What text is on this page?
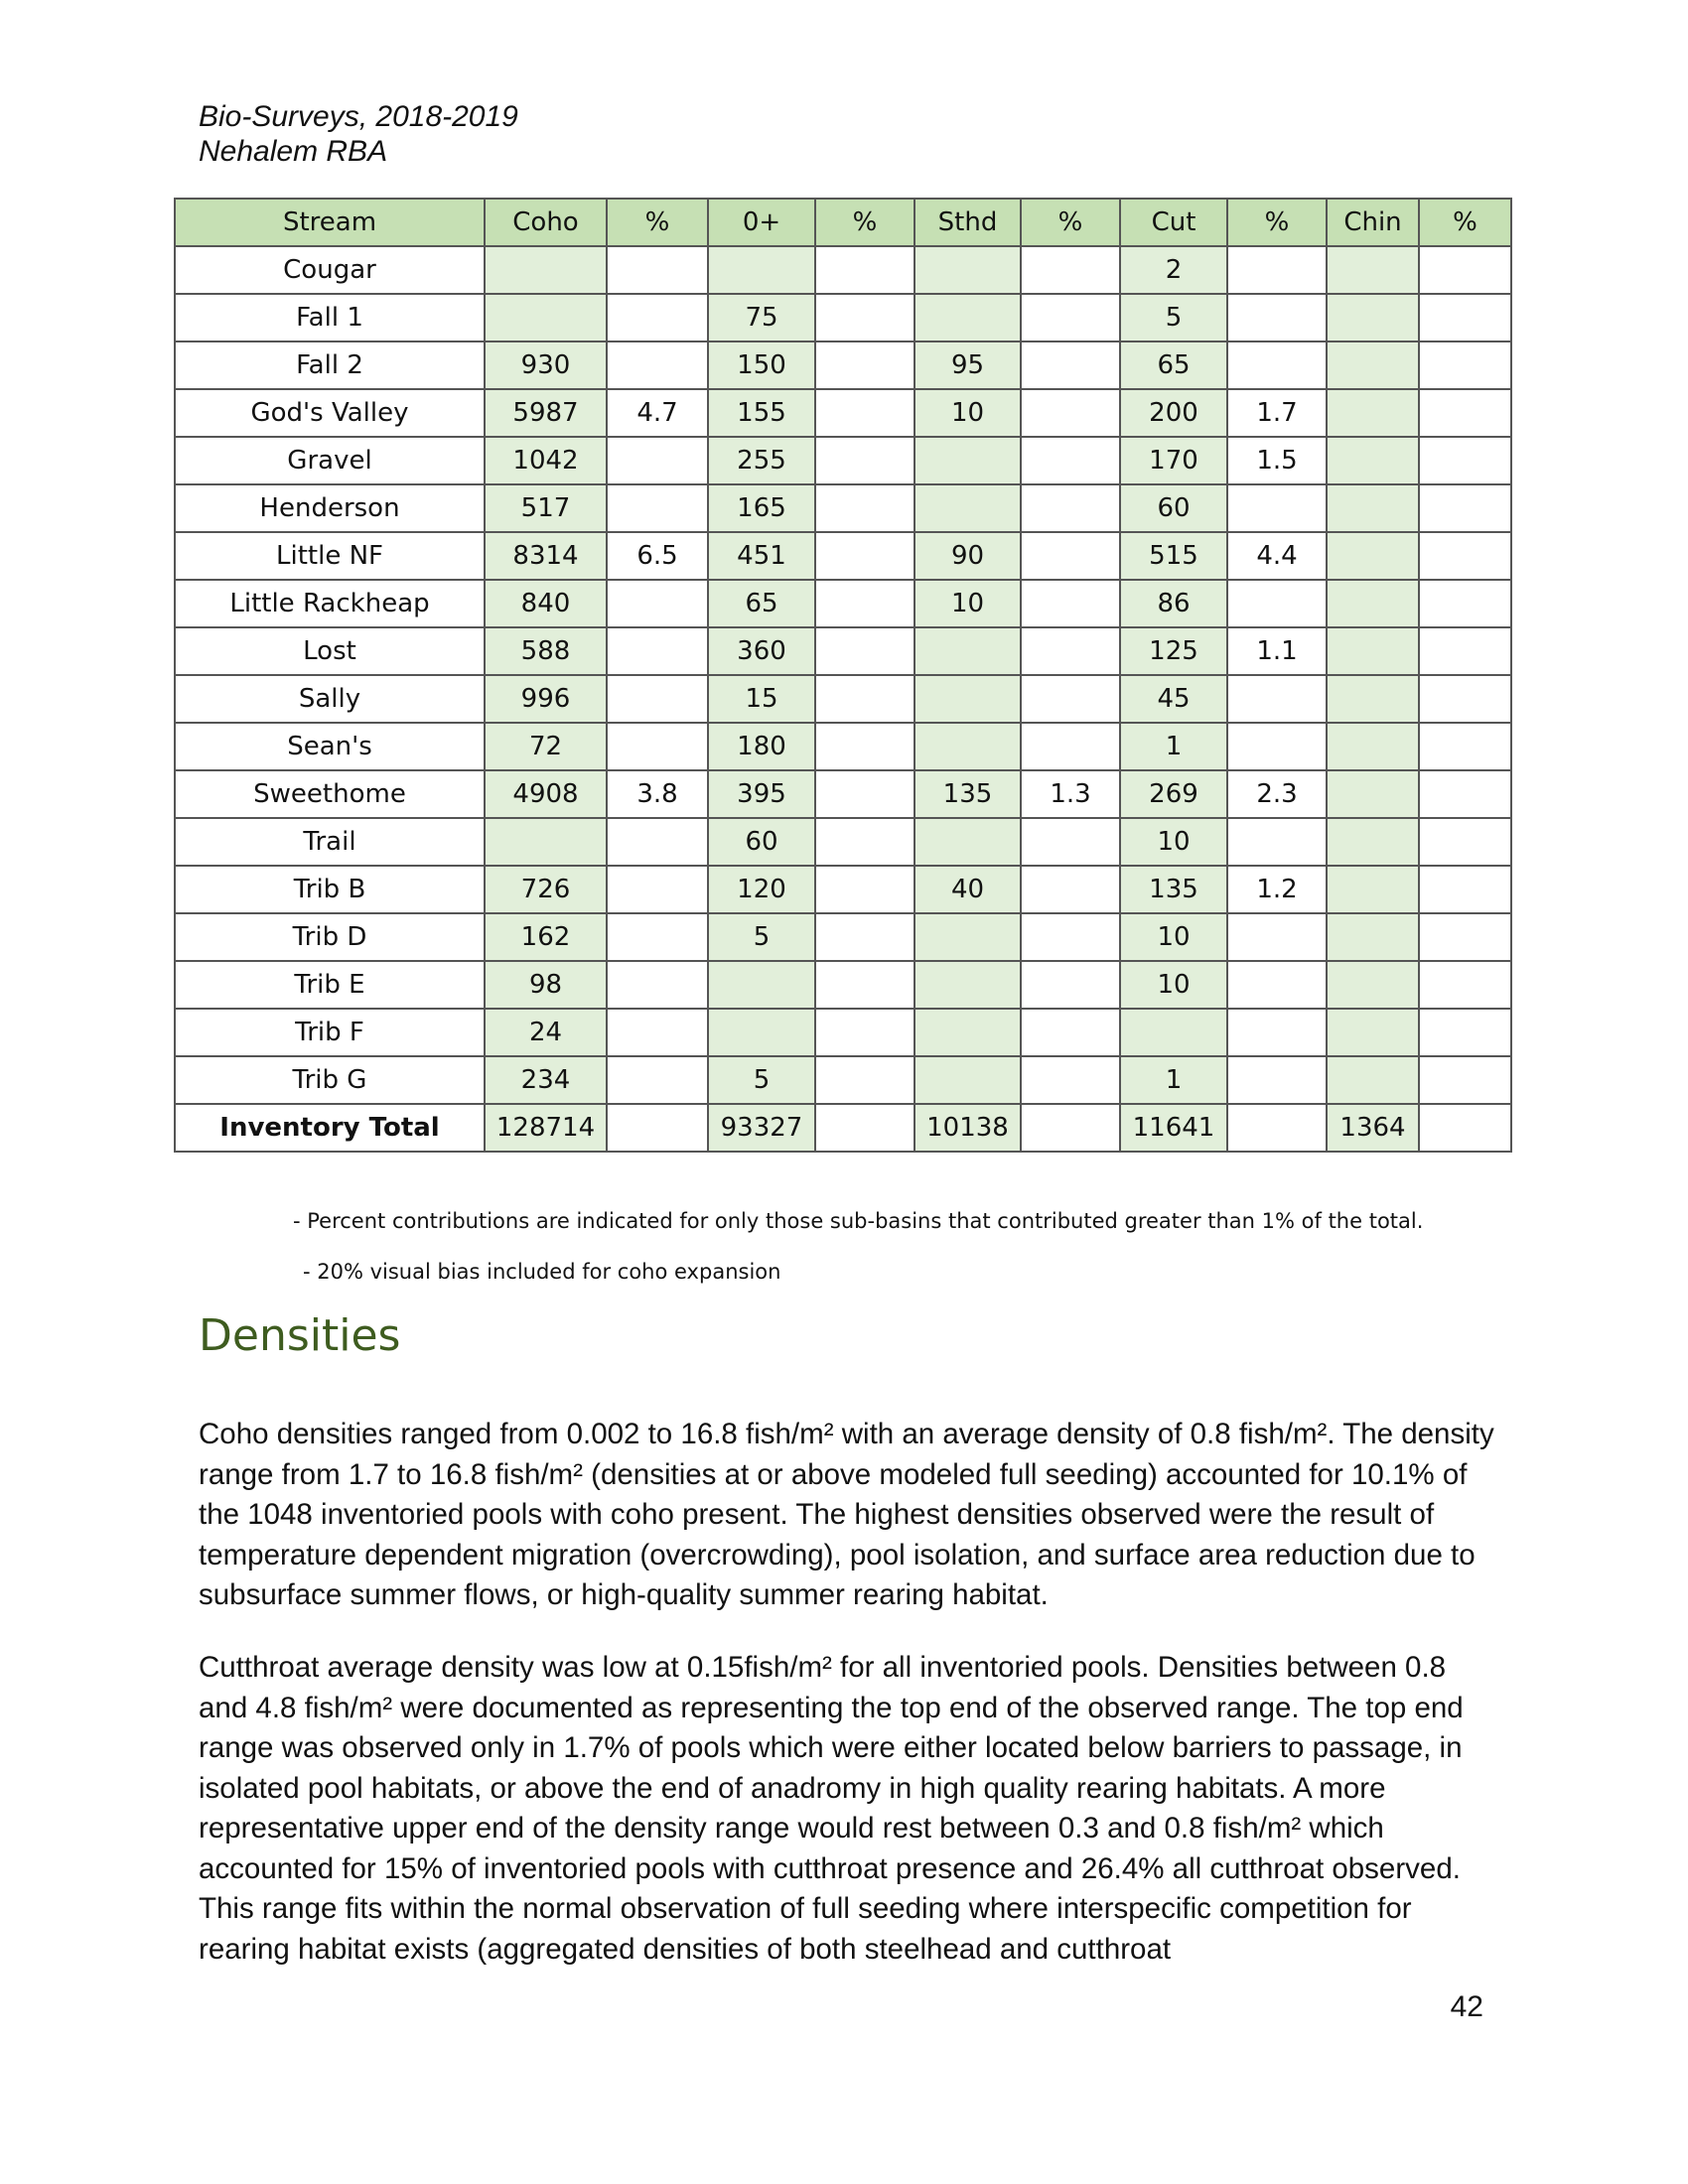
Bio-Surveys, 2018-2019
Nehalem RBA
Stream	Coho	%	0+	%	Sthd	%	Cut	%	Chin	%
Cougar							2			
Fall 1			75				5			
Fall 2	930		150		95		65			
God's Valley	5987	4.7	155		10		200	1.7		
Gravel	1042		255				170	1.5		
Henderson	517		165				60			
Little NF	8314	6.5	451		90		515	4.4		
Little Rackheap	840		65		10		86			
Lost	588		360				125	1.1		
Sally	996		15				45			
Sean's	72		180				1			
Sweethome	4908	3.8	395		135	1.3	269	2.3		
Trail			60				10			
Trib B	726		120		40		135	1.2		
Trib D	162		5				10			
Trib E	98						10			
Trib F	24									
Trib G	234		5				1			
Inventory Total	128714		93327		10138		11641		1364	
- Percent contributions are indicated for only those sub-basins that contributed greater than 1% of the total.
- 20% visual bias included for coho expansion
Densities
Coho densities ranged from 0.002 to 16.8 fish/m² with an average density of 0.8 fish/m². The density range from 1.7 to 16.8 fish/m² (densities at or above modeled full seeding) accounted for 10.1% of the 1048 inventoried pools with coho present. The highest densities observed were the result of temperature dependent migration (overcrowding), pool isolation, and surface area reduction due to subsurface summer flows, or high-quality summer rearing habitat.
Cutthroat average density was low at 0.15fish/m² for all inventoried pools. Densities between 0.8 and 4.8 fish/m² were documented as representing the top end of the observed range. The top end range was observed only in 1.7% of pools which were either located below barriers to passage, in isolated pool habitats, or above the end of anadromy in high quality rearing habitats. A more representative upper end of the density range would rest between 0.3 and 0.8 fish/m² which accounted for 15% of inventoried pools with cutthroat presence and 26.4% all cutthroat observed. This range fits within the normal observation of full seeding where interspecific competition for rearing habitat exists (aggregated densities of both steelhead and cutthroat
42
